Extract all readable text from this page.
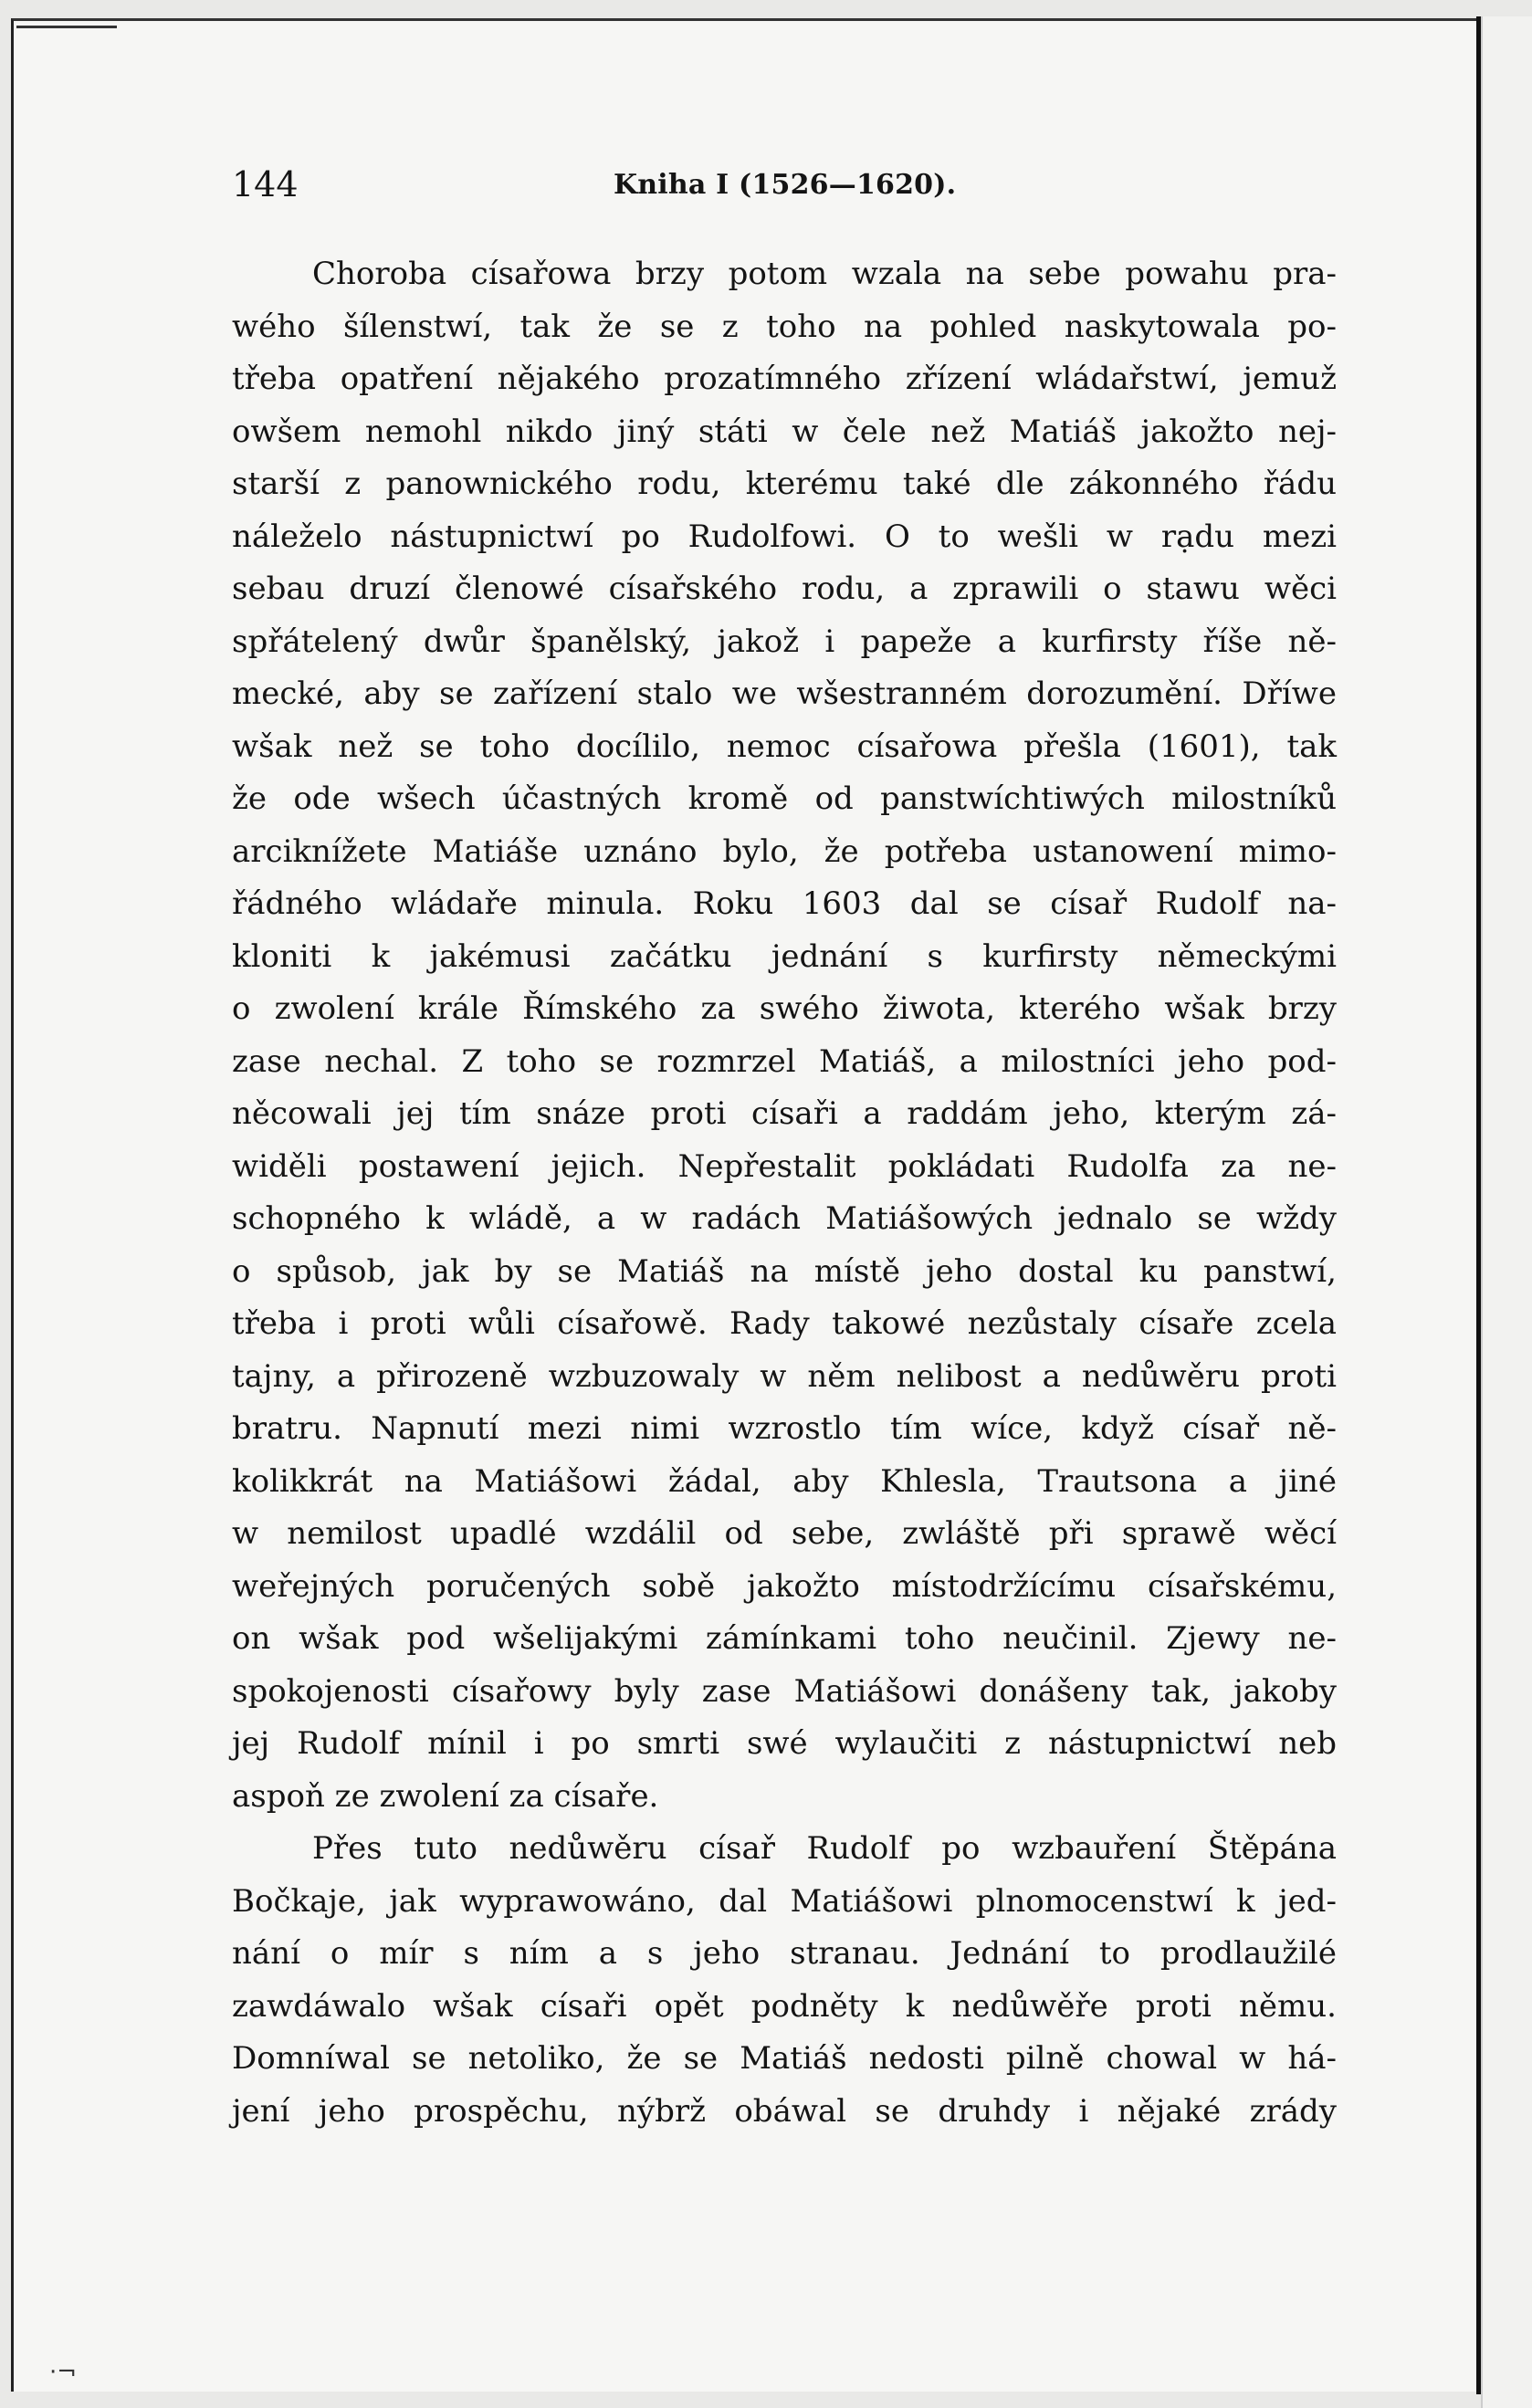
144	Kniha I (1526—1620).
Choroba císařowa brzy potom wzala na sebe powahu pra-
wého šílenstwí, tak že se z toho na pohled naskytowala po-
třeba opatření nějakého prozatímného zřízení wládařstwí, jemuž
owšem nemohl nikdo jiný státi w čele než Matiáš jakožto nej-
starší z panownického rodu, kterému také dle zákonného řádu
náleželo nástupnictwí po Rudolfowi. O to wešli w rạdu mezi
sebau druzí členowé císařského rodu, a zprawili o stawu wěci
spřátelený dwůr španělský, jakož i papeže a kurfirsty říše ně-
mecké, aby se zařízení stalo we wšestranném dorozumění. Dříwe
wšak než se toho docílilo, nemoc císařowa přešla (1601), tak
že ode wšech účastných kromě od panstwíchtiwých milostníků
arciknížete Matiáše uznáno bylo, že potřeba ustanowení mimo-
řádného wládaře minula. Roku 1603 dal se císař Rudolf na-
kloniti k jakémusi začátku jednání s kurfirsty německými
o zwolení krále Římského za swého žiwota, kterého wšak brzy
zase nechal. Z toho se rozmrzel Matiáš, a milostníci jeho pod-
něcowali jej tím snáze proti císaři a raddám jeho, kterým zá-
widěli postawení jejich. Nepřestalit pokládati Rudolfa za ne-
schopného k wládě, a w radách Matiášowých jednalo se wždy
o spůsob, jak by se Matiáš na místě jeho dostal ku panstwí,
třeba i proti wůli císařowě. Rady takowé nezůstaly císaře zcela
tajny, a přirozeně wzbuzowaly w něm nelibost a nedůwěru proti
bratru. Napnutí mezi nimi wzrostlo tím wíce, když císař ně-
kolikkrát na Matiášowi žádal, aby Khlesla, Trautsona a jiné
w nemilost upadlé wzdálil od sebe, zwláště při sprawě wěcí
weřejných poručených sobě jakožto místodržícímu císařskému,
on wšak pod wšelijakými zámínkami toho neučinil. Zjewy ne-
spokojenosti císařowy byly zase Matiášowi donášeny tak, jakoby
jej Rudolf mínil i po smrti swé wylaučiti z nástupnictwí neb
aspoň ze zwolení za císaře.
Přes tuto nedůwěru císař Rudolf po wzbauření Štěpána
Bočkaje, jak wyprawowáno, dal Matiášowi plnomocenstwí k jed-
nání o mír s ním a s jeho stranau. Jednání to prodlaužilé
zawdáwalo wšak císaři opět podněty k nedůwěře proti němu.
Domníwal se netoliko, že se Matiáš nedosti pilně chowal w há-
jení jeho prospěchu, nýbrž obáwal se druhdy i nějaké zrády
·¬
